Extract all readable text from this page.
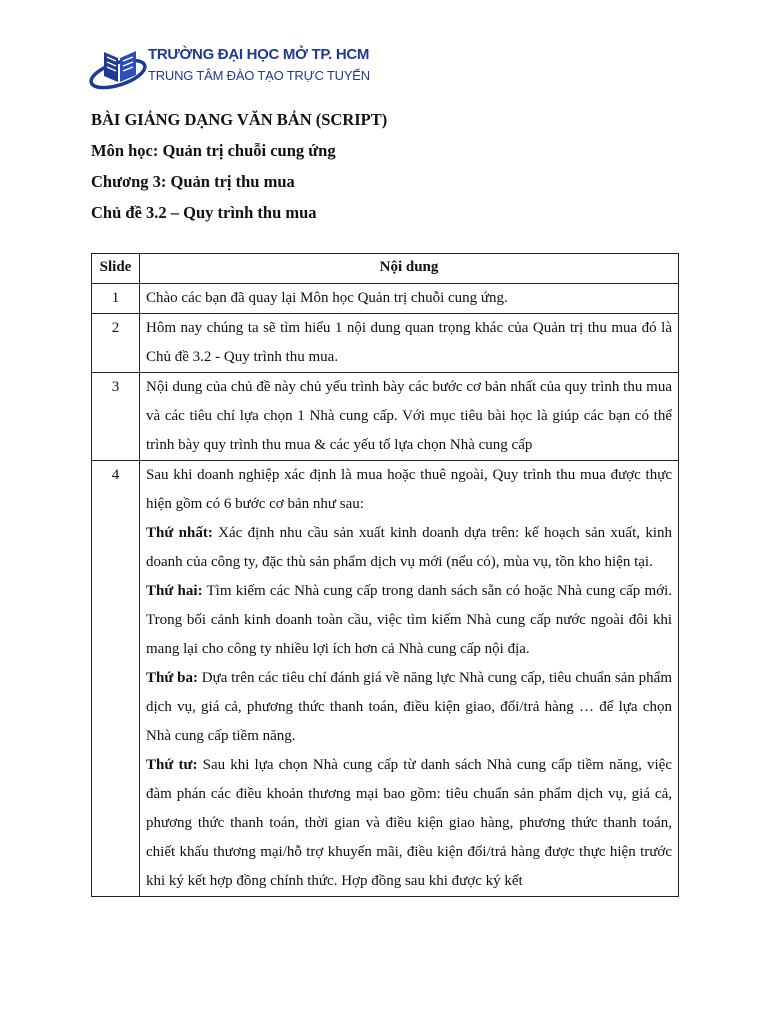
TRƯỜNG ĐẠI HỌC MỞ TP. HCM
TRUNG TÂM ĐÀO TẠO TRỰC TUYẾN
BÀI GIẢNG DẠNG VĂN BẢN (SCRIPT)
Môn học: Quản trị chuỗi cung ứng
Chương 3: Quản trị thu mua
Chủ đề 3.2 – Quy trình thu mua
Slide	Nội dung
1	Chào các bạn đã quay lại Môn học Quản trị chuỗi cung ứng.
2	Hôm nay chúng ta sẽ tìm hiểu 1 nội dung quan trọng khác của Quản trị thu mua đó là Chủ đề 3.2 - Quy trình thu mua.
3	Nội dung của chủ đề này chủ yếu trình bày các bước cơ bản nhất của quy trình thu mua và các tiêu chí lựa chọn 1 Nhà cung cấp. Với mục tiêu bài học là giúp các bạn có thể trình bày quy trình thu mua & các yếu tố lựa chọn Nhà cung cấp
4	Sau khi doanh nghiệp xác định là mua hoặc thuê ngoài, Quy trình thu mua được thực hiện gồm có 6 bước cơ bản như sau:

Thứ nhất: Xác định nhu cầu sản xuất kinh doanh dựa trên: kế hoạch sản xuất, kinh doanh của công ty, đặc thù sản phẩm dịch vụ mới (nếu có), mùa vụ, tồn kho hiện tại.

Thứ hai: Tìm kiếm các Nhà cung cấp trong danh sách sẵn có hoặc Nhà cung cấp mới. Trong bối cảnh kinh doanh toàn cầu, việc tìm kiếm Nhà cung cấp nước ngoài đôi khi mang lại cho công ty nhiều lợi ích hơn cả Nhà cung cấp nội địa.

Thứ ba: Dựa trên các tiêu chí đánh giá về năng lực Nhà cung cấp, tiêu chuẩn sản phẩm dịch vụ, giá cả, phương thức thanh toán, điều kiện giao, đổi/trả hàng … để lựa chọn Nhà cung cấp tiềm năng.

Thứ tư: Sau khi lựa chọn Nhà cung cấp từ danh sách Nhà cung cấp tiềm năng, việc đàm phán các điều khoản thương mại bao gồm: tiêu chuẩn sản phẩm dịch vụ, giá cả, phương thức thanh toán, thời gian và điều kiện giao hàng, phương thức thanh toán, chiết khấu thương mại/hỗ trợ khuyến mãi, điều kiện đổi/trả hàng được thực hiện trước khi ký kết hợp đồng chính thức. Hợp đồng sau khi được ký kết
